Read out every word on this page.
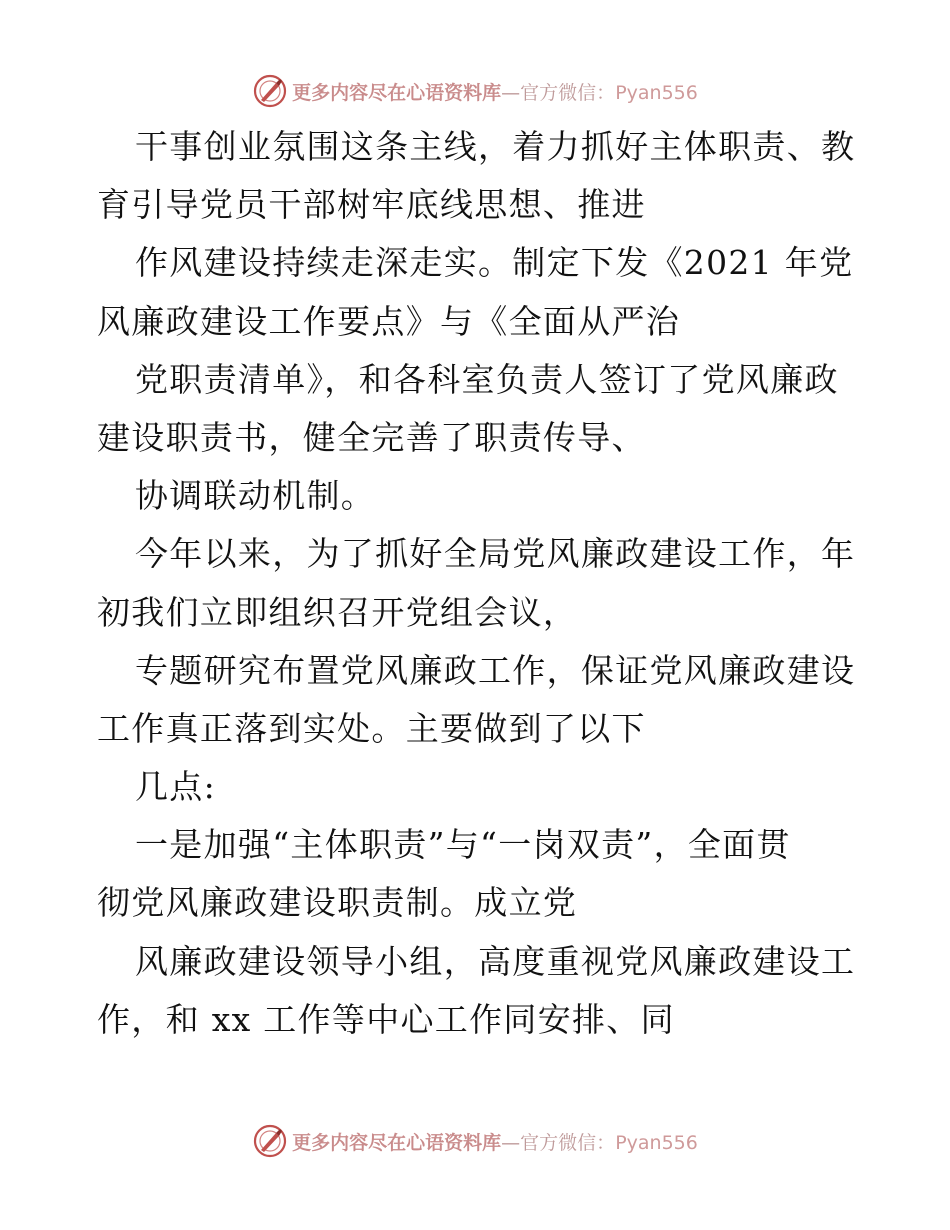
更多内容尽在心语资料库—官方微信：Pyan556
干事创业氛围这条主线，着力抓好主体职责、教
育引导党员干部树牢底线思想、推进
作风建设持续走深走实。制定下发《2021 年党
风廉政建设工作要点》与《全面从严治
党职责清单》，和各科室负责人签订了党风廉政
建设职责书，健全完善了职责传导、
协调联动机制。
今年以来，为了抓好全局党风廉政建设工作，年
初我们立即组织召开党组会议，
专题研究布置党风廉政工作，保证党风廉政建设
工作真正落到实处。主要做到了以下
几点:
一是加强“主体职责”与“一岗双责”，全面贯
彻党风廉政建设职责制。成立党
风廉政建设领导小组，高度重视党风廉政建设工
作，和 xx 工作等中心工作同安排、同
更多内容尽在心语资料库—官方微信：Pyan556
